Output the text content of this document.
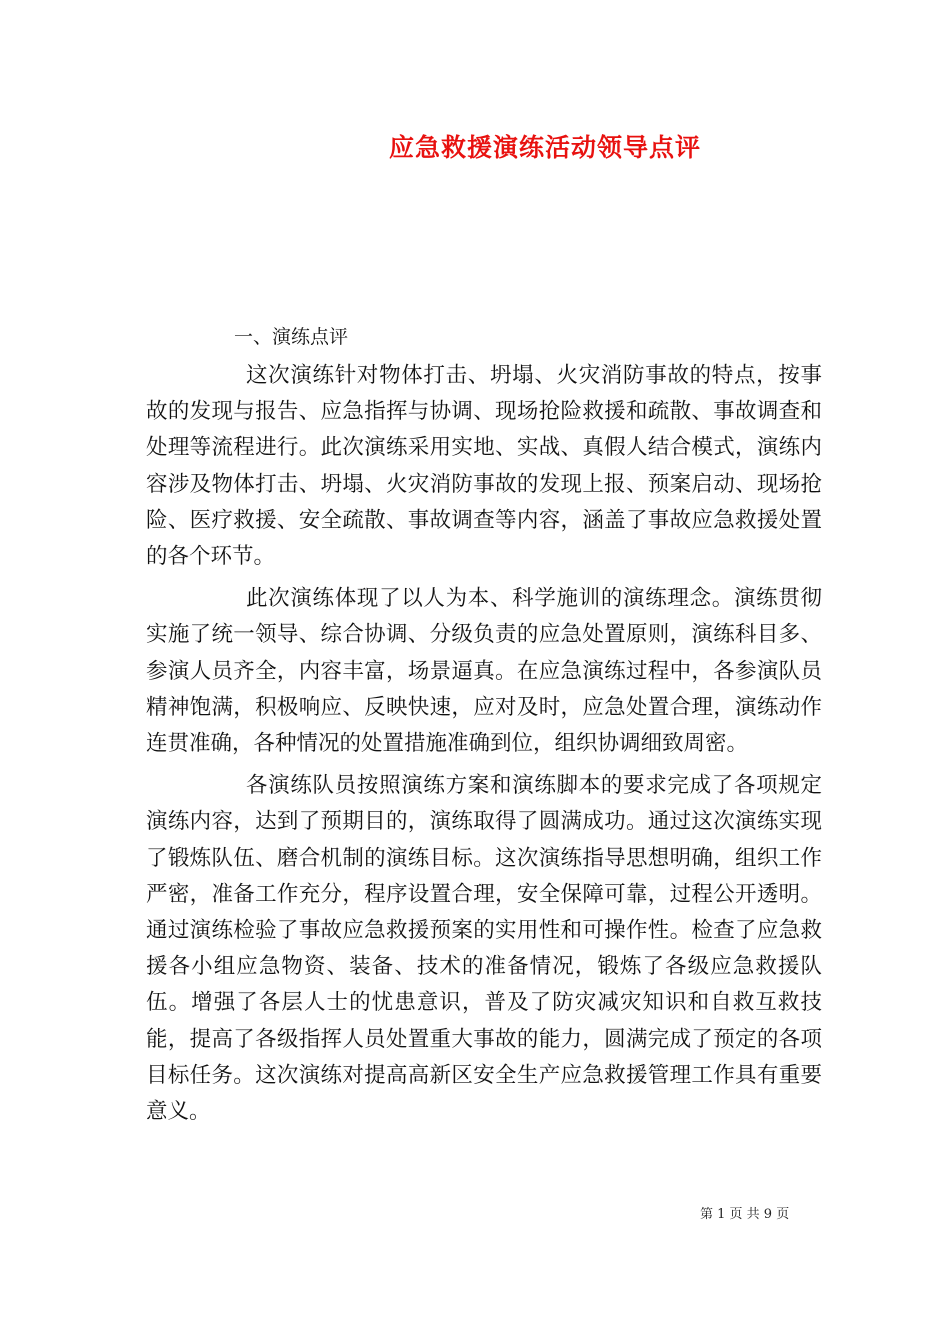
应急救援演练活动领导点评
一、演练点评

这次演练针对物体打击、坍塌、火灾消防事故的特点，按事故的发现与报告、应急指挥与协调、现场抢险救援和疏散、事故调查和处理等流程进行。此次演练采用实地、实战、真假人结合模式，演练内容涉及物体打击、坍塌、火灾消防事故的发现上报、预案启动、现场抢险、医疗救援、安全疏散、事故调查等内容，涵盖了事故应急救援处置的各个环节。

此次演练体现了以人为本、科学施训的演练理念。演练贯彻实施了统一领导、综合协调、分级负责的应急处置原则，演练科目多、参演人员齐全，内容丰富，场景逼真。在应急演练过程中，各参演队员精神饱满，积极响应、反映快速，应对及时，应急处置合理，演练动作连贯准确，各种情况的处置措施准确到位，组织协调细致周密。

各演练队员按照演练方案和演练脚本的要求完成了各项规定演练内容，达到了预期目的，演练取得了圆满成功。通过这次演练实现了锻炼队伍、磨合机制的演练目标。这次演练指导思想明确，组织工作严密，准备工作充分，程序设置合理，安全保障可靠，过程公开透明。通过演练检验了事故应急救援预案的实用性和可操作性。检查了应急救援各小组应急物资、装备、技术的准备情况，锻炼了各级应急救援队伍。增强了各层人士的忧患意识，普及了防灾减灾知识和自救互救技能，提高了各级指挥人员处置重大事故的能力，圆满完成了预定的各项目标任务。这次演练对提高高新区安全生产应急救援管理工作具有重要意义。

第 1 页 共 9 页
